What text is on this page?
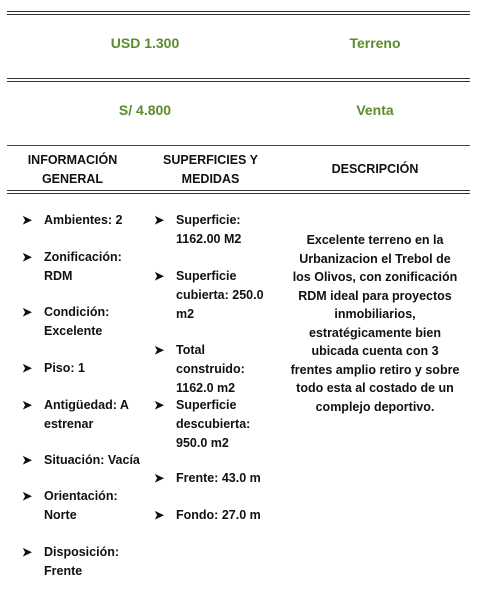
USD 1.300	Terreno
S/ 4.800	Venta
INFORMACIÓN GENERAL
SUPERFICIES Y MEDIDAS
DESCRIPCIÓN
➤ Ambientes: 2
➤ Zonificación: RDM
➤ Condición: Excelente
➤ Piso: 1
➤ Antigüedad: A estrenar
➤ Situación: Vacía
➤ Orientación: Norte
➤ Disposición: Frente
➤ Superficie: 1162.00 M2
➤ Superficie cubierta: 250.0 m2
➤ Total construido: 1162.0 m2
➤ Superficie descubierta: 950.0 m2
➤ Frente: 43.0 m
➤ Fondo: 27.0 m
Excelente terreno en la Urbanizacion el Trebol de los Olivos, con zonificación RDM ideal para proyectos inmobiliarios, estratégicamente bien ubicada cuenta con 3 frentes amplio retiro y sobre todo esta al costado de un complejo deportivo.
